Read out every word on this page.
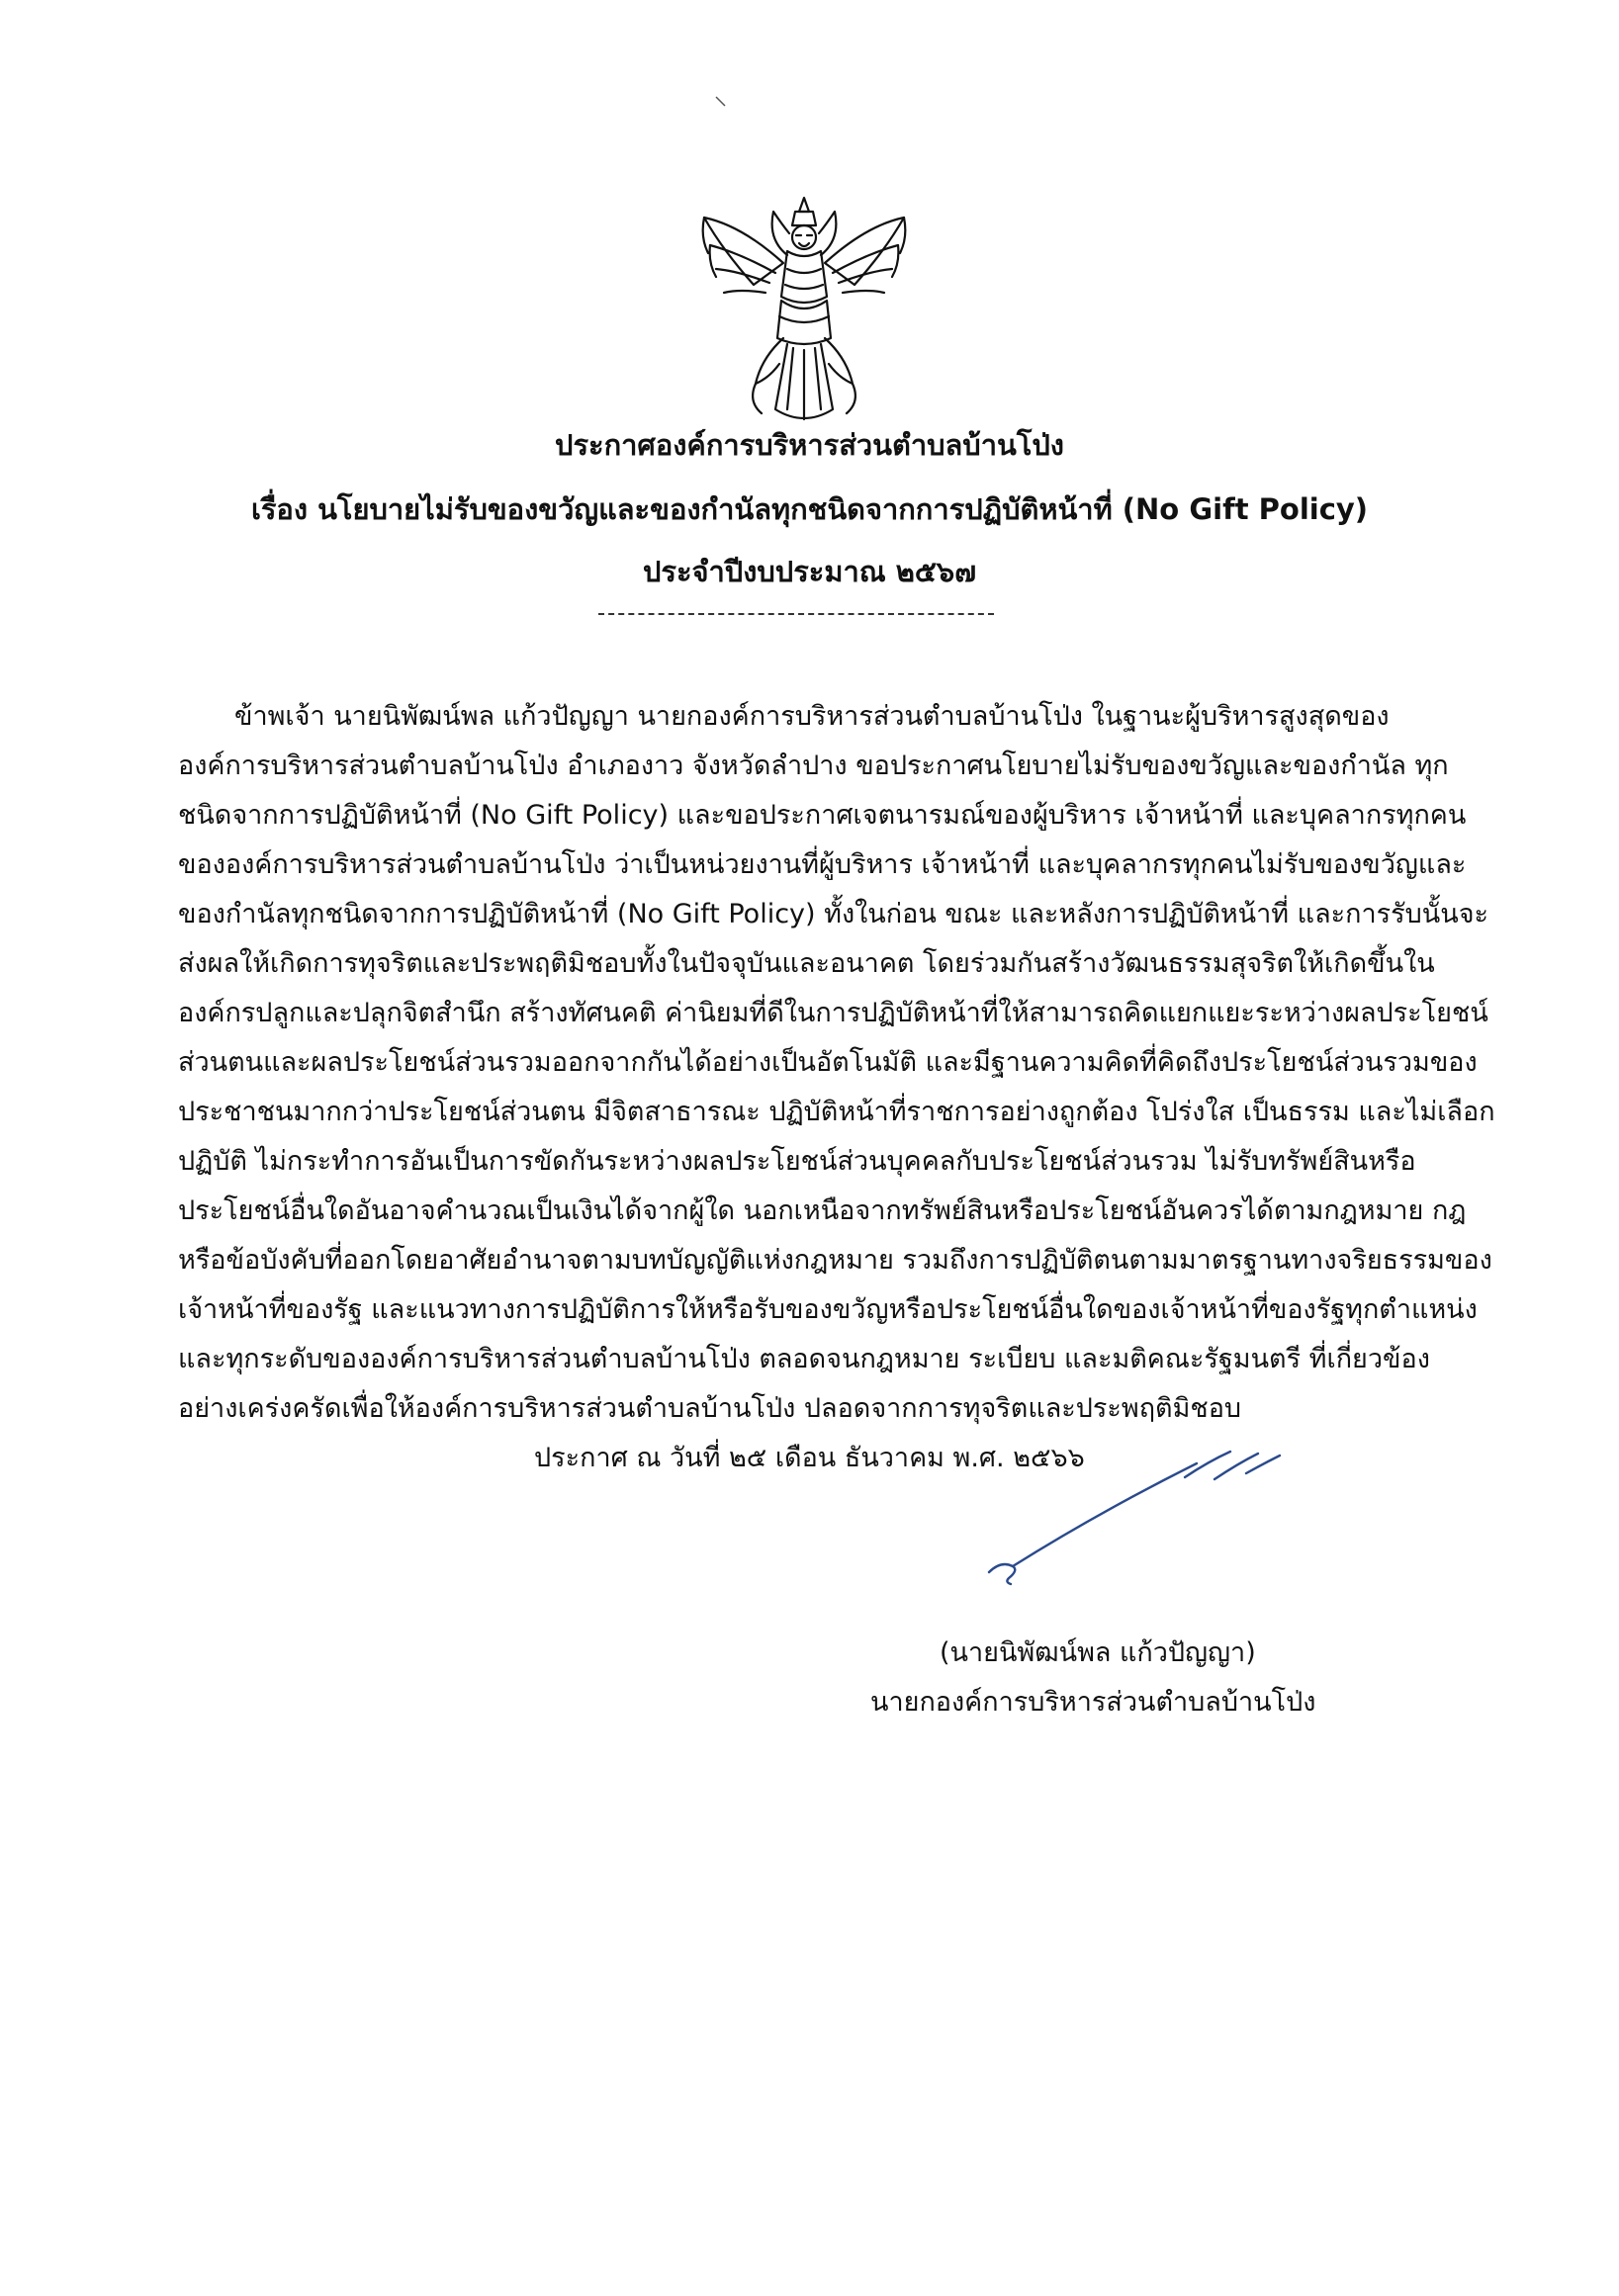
ประกาศองค์การบริหารส่วนตำบลบ้านโป่ง
เรื่อง นโยบายไม่รับของขวัญและของกำนัลทุกชนิดจากการปฏิบัติหน้าที่ (No Gift Policy)
ประจำปีงบประมาณ ๒๕๖๗
ข้าพเจ้า นายนิพัฒน์พล แก้วปัญญา นายกองค์การบริหารส่วนตำบลบ้านโป่ง ในฐานะผู้บริหารสูงสุดของ
องค์การบริหารส่วนตำบลบ้านโป่ง อำเภองาว จังหวัดลำปาง ขอประกาศนโยบายไม่รับของขวัญและของกำนัล ทุก
ชนิดจากการปฏิบัติหน้าที่ (No Gift Policy) และขอประกาศเจตนารมณ์ของผู้บริหาร เจ้าหน้าที่ และบุคลากรทุกคน
ขององค์การบริหารส่วนตำบลบ้านโป่ง ว่าเป็นหน่วยงานที่ผู้บริหาร เจ้าหน้าที่ และบุคลากรทุกคนไม่รับของขวัญและ
ของกำนัลทุกชนิดจากการปฏิบัติหน้าที่ (No Gift Policy) ทั้งในก่อน ขณะ และหลังการปฏิบัติหน้าที่ และการรับนั้นจะ
ส่งผลให้เกิดการทุจริตและประพฤติมิชอบทั้งในปัจจุบันและอนาคต โดยร่วมกันสร้างวัฒนธรรมสุจริตให้เกิดขึ้นใน
องค์กรปลูกและปลุกจิตสำนึก สร้างทัศนคติ ค่านิยมที่ดีในการปฏิบัติหน้าที่ให้สามารถคิดแยกแยะระหว่างผลประโยชน์
ส่วนตนและผลประโยชน์ส่วนรวมออกจากกันได้อย่างเป็นอัตโนมัติ และมีฐานความคิดที่คิดถึงประโยชน์ส่วนรวมของ
ประชาชนมากกว่าประโยชน์ส่วนตน มีจิตสาธารณะ ปฏิบัติหน้าที่ราชการอย่างถูกต้อง โปร่งใส เป็นธรรม และไม่เลือก
ปฏิบัติ ไม่กระทำการอันเป็นการขัดกันระหว่างผลประโยชน์ส่วนบุคคลกับประโยชน์ส่วนรวม ไม่รับทรัพย์สินหรือ
ประโยชน์อื่นใดอันอาจคำนวณเป็นเงินได้จากผู้ใด นอกเหนือจากทรัพย์สินหรือประโยชน์อันควรได้ตามกฎหมาย กฎ
หรือข้อบังคับที่ออกโดยอาศัยอำนาจตามบทบัญญัติแห่งกฎหมาย รวมถึงการปฏิบัติตนตามมาตรฐานทางจริยธรรมของ
เจ้าหน้าที่ของรัฐ และแนวทางการปฏิบัติการให้หรือรับของขวัญหรือประโยชน์อื่นใดของเจ้าหน้าที่ของรัฐทุกตำแหน่ง
และทุกระดับขององค์การบริหารส่วนตำบลบ้านโป่ง ตลอดจนกฎหมาย ระเบียบ และมติคณะรัฐมนตรี ที่เกี่ยวข้อง
อย่างเคร่งครัดเพื่อให้องค์การบริหารส่วนตำบลบ้านโป่ง ปลอดจากการทุจริตและประพฤติมิชอบ
ประกาศ ณ วันที่ ๒๕ เดือน ธันวาคม พ.ศ. ๒๕๖๖
(นายนิพัฒน์พล แก้วปัญญา)
นายกองค์การบริหารส่วนตำบลบ้านโป่ง
